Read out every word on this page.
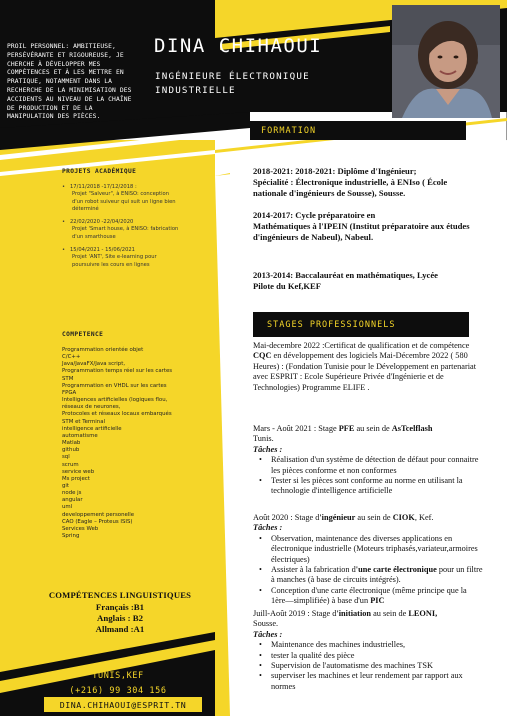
PROIL PERSONNEL: AMBITIEUSE, PERSÉVÉRANTE ET RIGOUREUSE, JE CHERCHE À DÉVELOPPER MES COMPÉTENCES ET À LES METTRE EN PRATIQUE, NOTAMMENT DANS LA RECHERCHE DE LA MINIMISATION DES ACCIDENTS AU NIVEAU DE LA CHAÎNE DE PRODUCTION ET DE LA MANIPULATION DES PIÈCES.
DINA CHIHAOUI
INGÉNIEURE ÉLECTRONIQUE
INDUSTRIELLE
FORMATION
2018-2021: 2018-2021: Diplôme d'Ingénieur;
Spécialité : Électronique industrielle, à ENIso ( École nationale d'ingénieurs de Sousse), Sousse.
2014-2017: Cycle préparatoire en
Mathématiques à l'IPEIN (Institut préparatoire aux études d'ingénieurs de Nabeul), Nabeul.
2013-2014: Baccalauréat en mathématiques, Lycée
Pilote du Kef,KEF
STAGES PROFESSIONNELS
Mai-decembre 2022 :Certificat de qualification et de compétence CQC en développement des logiciels Mai-Décembre 2022 ( 580 Heures) : (Fondation Tunisie pour le Développement en partenariat avec ESPRIT : Ecole Supérieure Privée d'Ingénierie et de Technologies) Programme ELIFE .
Mars - Août 2021 : Stage PFE au sein de AsTcelflash
Tunis.
Tâches :
• Réalisation d'un système de détection de défaut pour connaitre les pièces conforme et non conformes
• Tester si les pièces sont conforme au norme en utilisant la technologie d'intelligence artificielle
Août 2020 : Stage d'ingénieur au sein de CIOK, Kef.
Tâches :
• Observation, maintenance des diverses applications en électronique industrielle (Moteurs triphasés,variateur,armoires électriques)
• Assister à la fabrication d'une carte électronique pour un filtre à manches (à base de circuits intégrés).
• Conception d'une carte électronique (même principe que la 1ère—simplifiée) à base d'un PIC
Juill-Août 2019 : Stage d'initiation au sein de LEONI,
Sousse.
Tâches :
• Maintenance des machines industrielles,
• tester la qualité des pièce
• Supervision de l'automatisme des machines TSK
• superviser les machines et leur rendement par rapport aux normes
PROJETS ACADÉMIQUE
• 17/11/2018 -17/12/2018 :
Projet "Salveur", à ENISO: conception d'un robot suiveur qui suit un ligne bien déterminé
• 22/02/2020 -22/04/2020
Projet 'Smart house, à ENISO: fabrication d'un smarthouse
• 15/04/2021 - 15/06/2021
Projet 'ANT', Site e-learning pour poursuivre les cours en lignes
COMPETENCE
Programmation orientée objet
C/C++
Java/JavaFX/Java script,
Programmation temps réel sur les cartes STM
Programmation en VHDL sur les cartes FPGA
Intelligences artificielles (logiques flou, réseaux de neurones,
Protocoles et réseaux locaux embarqués STM et Terminal
intelligence artificielle
automatisme
Matlab
github
sql
scrum
service web
Ms project
git
node js
angular
uml
developpement personelle
CAO (Eagle – Proteus ISIS)
Services Web
Spring
COMPÉTENCES LINGUISTIQUES
Français :B1
Anglais : B2
Allmand :A1
TUNIS,KEF
(+216) 99 304 156
DINA.CHIHAOUI@ESPRIT.TN
